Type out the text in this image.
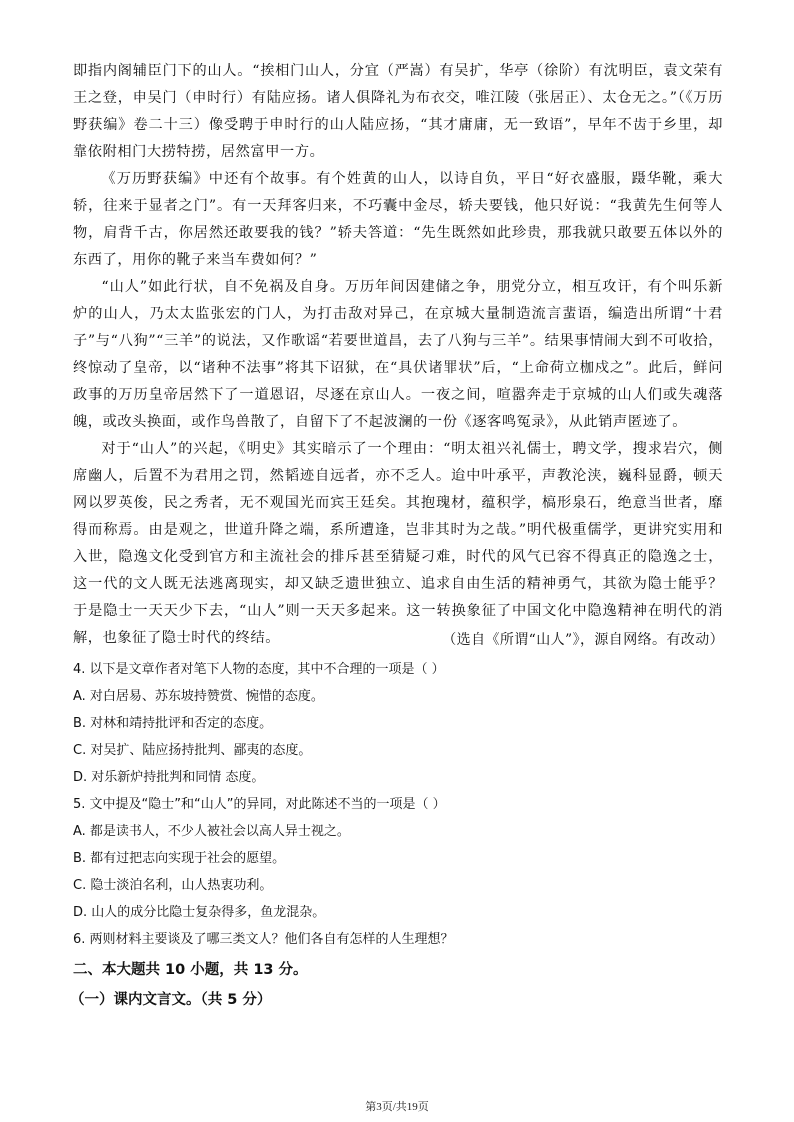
即指内阁辅臣门下的山人。“挨相门山人，分宜（严嵩）有吴扩，华亭（徐阶）有沈明臣，袁文荣有王之登，申吴门（申时行）有陆应扬。诸人俱降礼为布衣交，唯江陵（张居正）、太仓无之。”（《万历野获编》卷二十三）像受聘于申时行的山人陆应扬，“其才庸庸，无一致语”，早年不齿于乡里，却靠依附相门大捞特捞，居然富甲一方。

《万历野获编》中还有个故事。有个姓黄的山人，以诗自负，平日“好衣盛服，蹑华靴，乘大轿，往来于显者之门”。有一天拜客归来，不巧囊中金尽，轿夫要钱，他只好说：“我黄先生何等人物，肩背千古，你居然还敢要我的钱？”轿夫答道：“先生既然如此珍贵，那我就只敢要五体以外的东西了，用你的靴子来当车费如何？”

“山人”如此行状，自不免祸及自身。万历年间因建储之争，朋党分立，相互攻讦，有个叫乐新炉的山人，乃太太监张宏的门人，为打击敌对异己，在京城大量制造流言蜚语，编造出所谓“十君子”与“八狗”“三羊”的说法，又作歌谣“若要世道昌，去了八狗与三羊”。结果事情闹大到不可收拾，终惊动了皇帝，以“诸种不法事”将其下诏狱，在“具伏诸罪状”后，“上命荷立枷戍之”。此后，鲜问政事的万历皇帝居然下了一道恩诏，尽逐在京山人。一夜之间，喧嚣奔走于京城的山人们或失魂落魄，或改头换面，或作鸟兽散了，自留下了不起波澜的一份《逐客鸣冤录》，从此销声匿迹了。

对于“山人”的兴起，《明史》其实暗示了一个理由：“明太祖兴礼儒士，聘文学，搜求岩穴，侧席幽人，后置不为君用之罚，然韬迹自远者，亦不乏人。迨中叶承平，声教沦浃，巍科显爵，顿天网以罗英俊，民之秀者，无不观国光而宾王廷矣。其抱瑰材，蕴积学，槁形泉石，绝意当世者，靡得而称焉。由是观之，世道升降之端，系所遭逢，岂非其时为之哉。”明代极重儒学，更讲究实用和入世，隐逸文化受到官方和主流社会的排斥甚至猜疑刁难，时代的风气已容不得真正的隐逸之士，这一代的文人既无法逃离现实，却又缺乏遗世独立、追求自由生活的精神勇气，其欲为隐士能乎？于是隐士一天天少下去，“山人”则一天天多起来。这一转换象征了中国文化中隐逸精神在明代的消解，也象征了隐士时代的终结。	（选自《所谓“山人”》，源自网络。有改动）

4. 以下是文章作者对笔下人物的态度，其中不合理的一项是（ ）

A. 对白居易、苏东坡持赞赏、惋惜的态度。

B. 对林和靖持批评和否定的态度。

C. 对吴扩、陆应扬持批判、鄙夷的态度。

D. 对乐新炉持批判和同情 态度。

5. 文中提及“隐士”和“山人”的异同，对此陈述不当的一项是（ ）

A. 都是读书人，不少人被社会以高人异士视之。

B. 都有过把志向实现于社会的愿望。

C. 隐士淡泊名利，山人热衷功利。

D. 山人的成分比隐士复杂得多，鱼龙混杂。

6. 两则材料主要谈及了哪三类文人？他们各自有怎样的人生理想？

二、本大题共 10 小题，共 13 分。

（一）课内文言文。（共 5 分）

第3页/共19页
